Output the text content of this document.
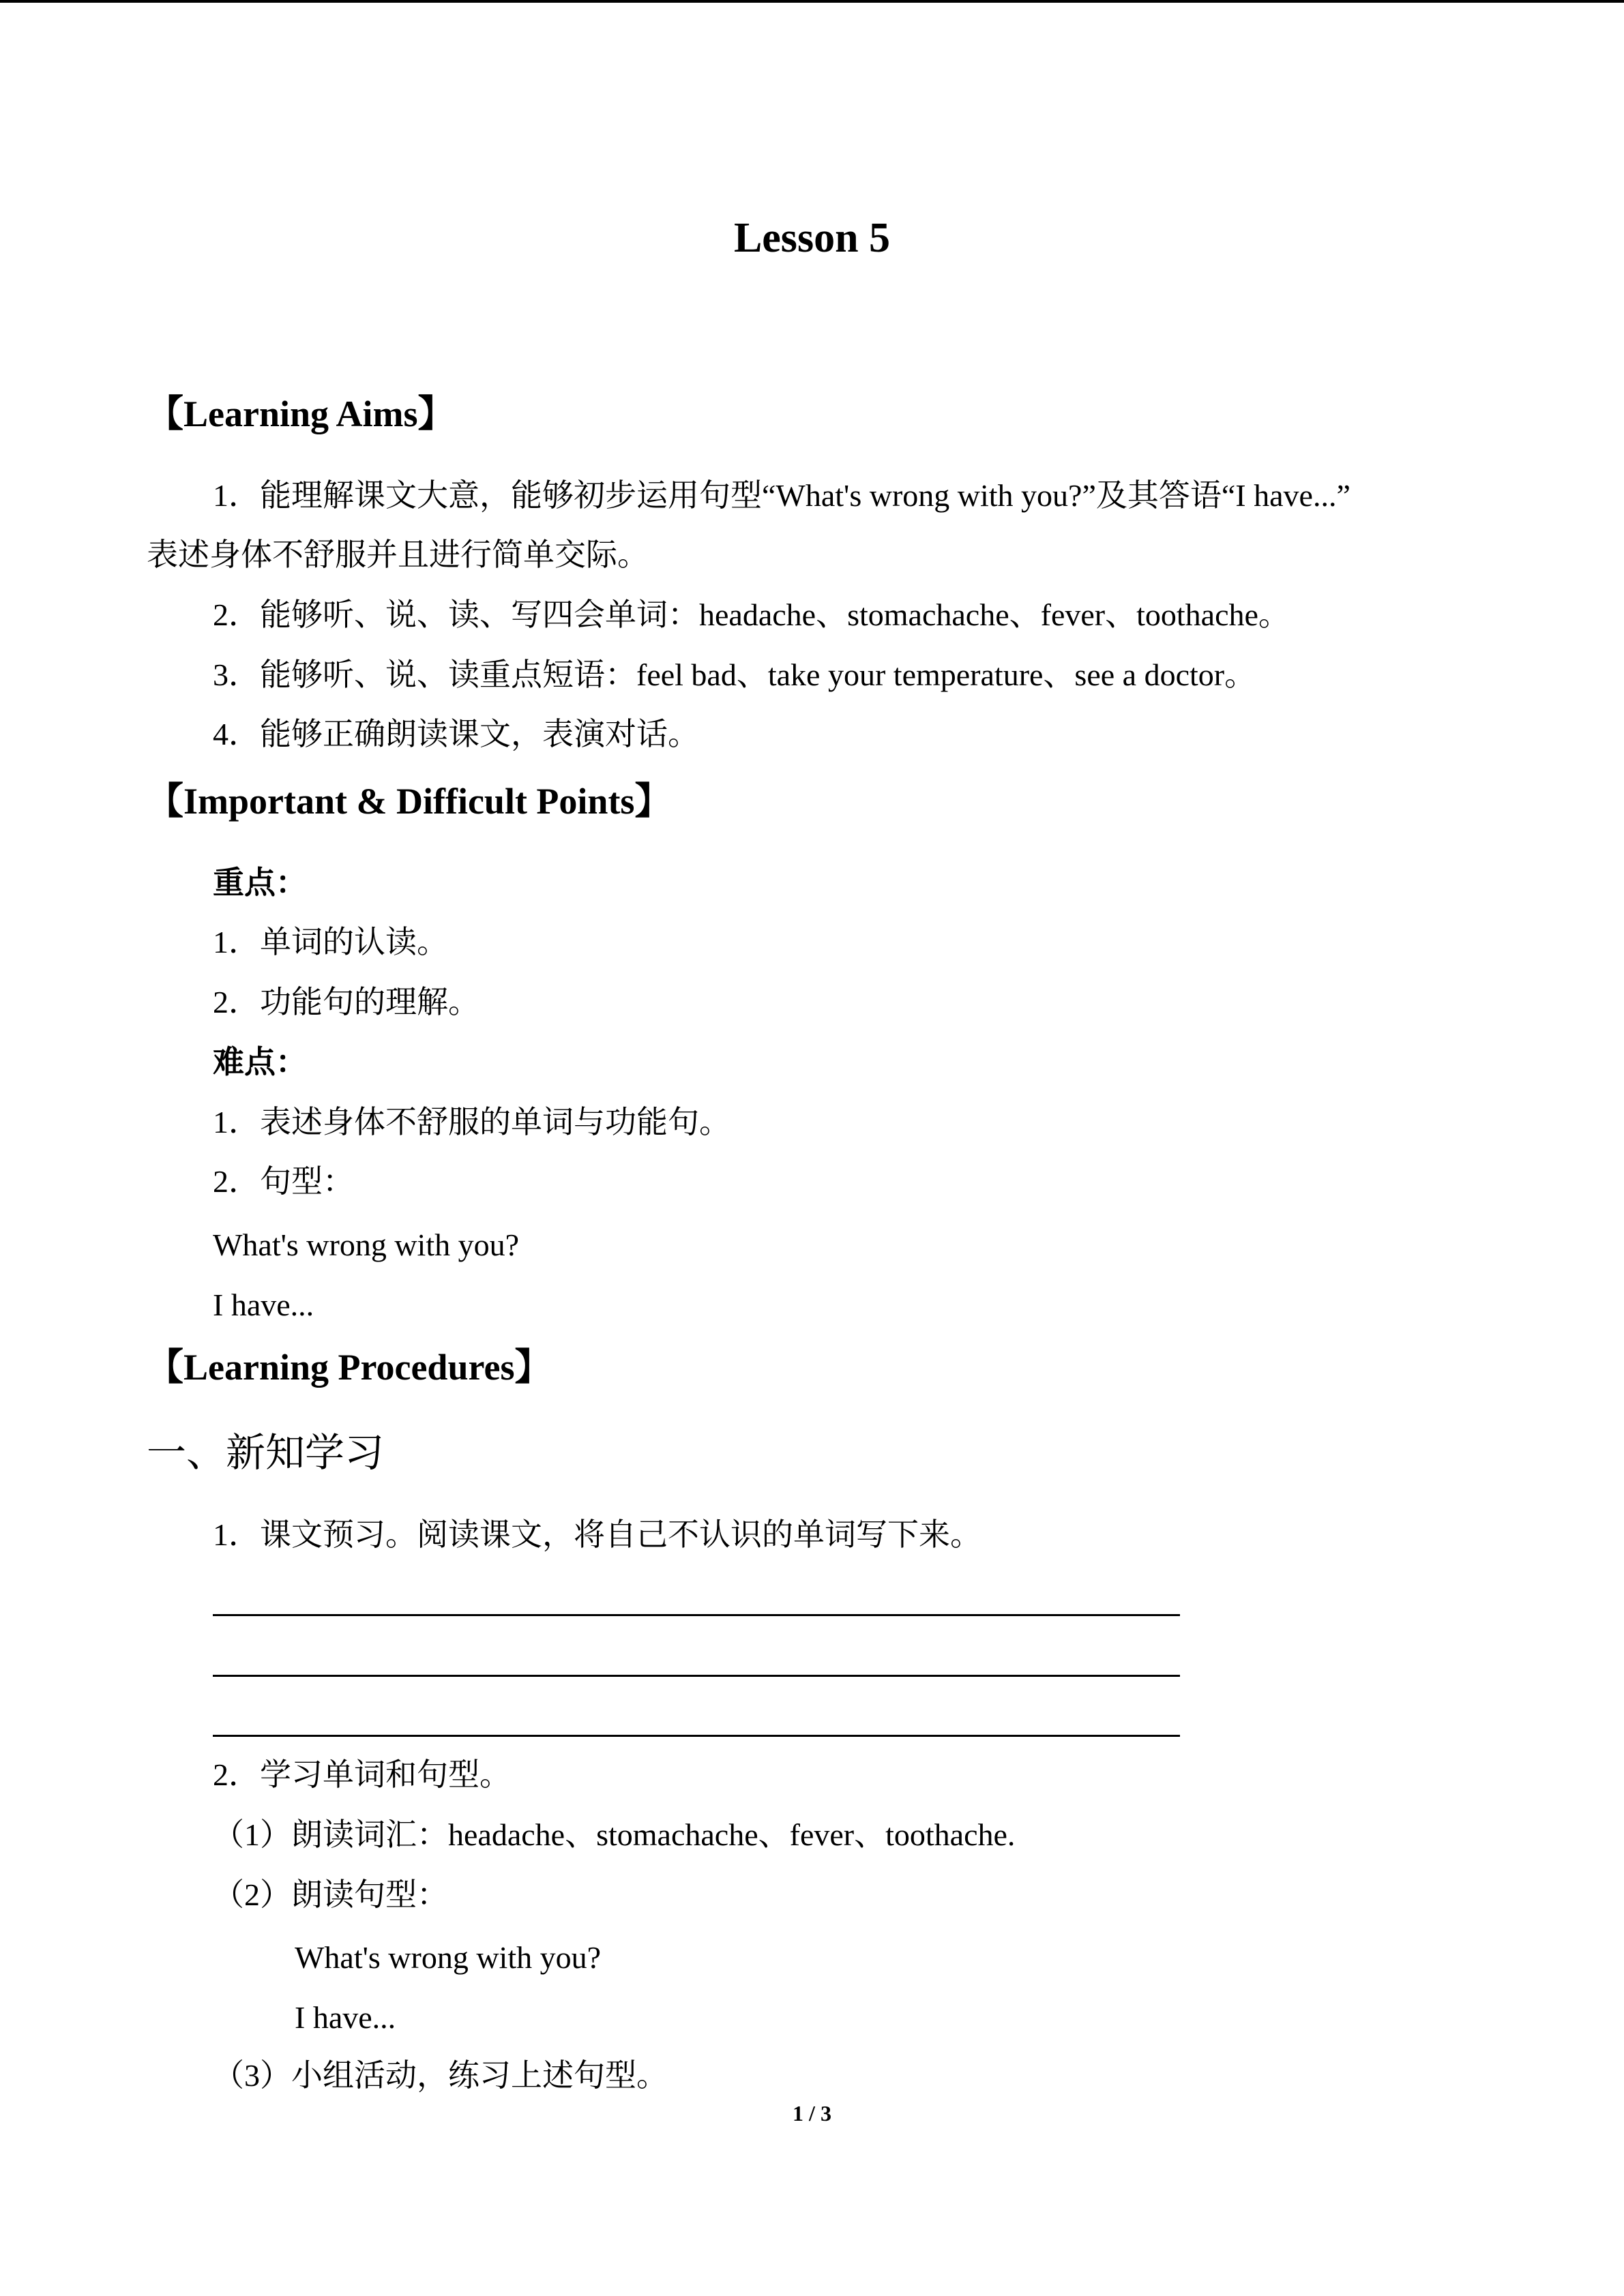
Lesson 5
【Learning Aims】
1．能理解课文大意，能够初步运用句型“What's wrong with you?”及其答语“I have...”
表述身体不舒服并且进行简单交际。
2．能够听、说、读、写四会单词：headache、stomachache、fever、toothache。
3．能够听、说、读重点短语：feel bad、take your temperature、see a doctor。
4．能够正确朗读课文，表演对话。
【Important & Difficult Points】
重点：
1．单词的认读。
2．功能句的理解。
难点：
1．表述身体不舒服的单词与功能句。
2．句型：
What's wrong with you?
I have...
【Learning Procedures】
一、新知学习
1．课文预习。阅读课文，将自己不认识的单词写下来。
2．学习单词和句型。
（1）朗读词汇：headache、stomachache、fever、toothache.
（2）朗读句型：
What's wrong with you?
I have...
（3）小组活动，练习上述句型。
1 / 3
